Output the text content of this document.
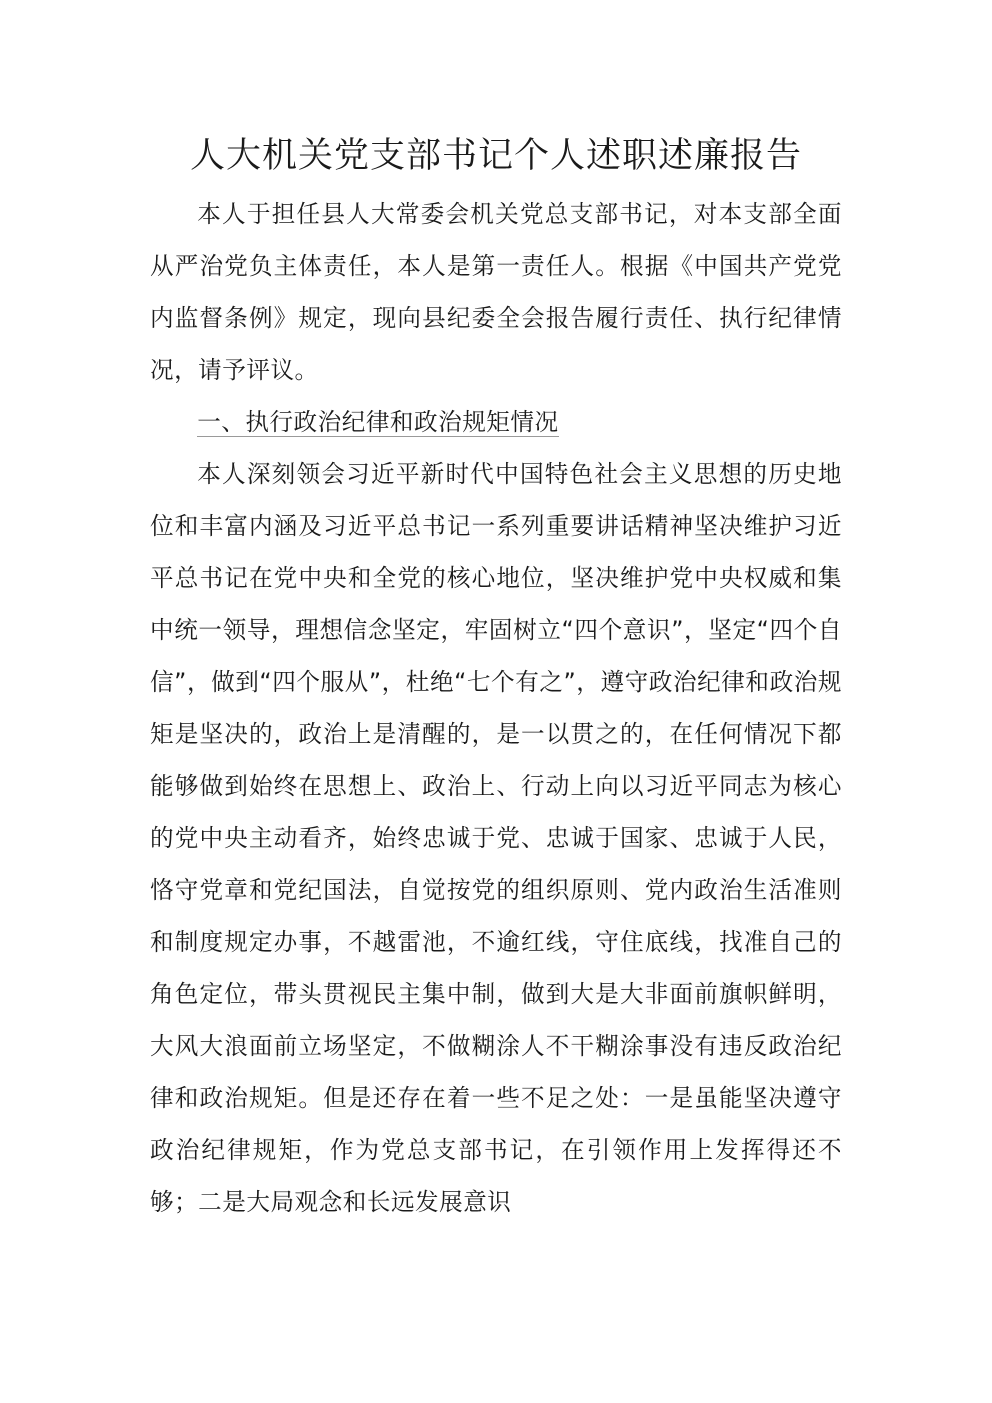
人大机关党支部书记个人述职述廉报告

本人于担任县人大常委会机关党总支部书记，对本支部全面从严治党负主体责任，本人是第一责任人。根据《中国共产党党内监督条例》规定，现向县纪委全会报告履行责任、执行纪律情况，请予评议。

一、执行政治纪律和政治规矩情况

本人深刻领会习近平新时代中国特色社会主义思想的历史地位和丰富内涵及习近平总书记一系列重要讲话精神坚决维护习近平总书记在党中央和全党的核心地位，坚决维护党中央权威和集中统一领导，理想信念坚定，牢固树立“四个意识”，坚定“四个自信”，做到“四个服从”，杜绝“七个有之”，遵守政治纪律和政治规矩是坚决的，政治上是清醒的，是一以贯之的，在任何情况下都能够做到始终在思想上、政治上、行动上向以习近平同志为核心的党中央主动看齐，始终忠诚于党、忠诚于国家、忠诚于人民，恪守党章和党纪国法，自觉按党的组织原则、党内政治生活准则和制度规定办事，不越雷池，不逾红线，守住底线，找准自己的角色定位，带头贯视民主集中制，做到大是大非面前旗帜鲜明，大风大浪面前立场坚定，不做糊涂人不干糊涂事没有违反政治纪律和政治规矩。但是还存在着一些不足之处：一是虽能坚决遵守政治纪律规矩，作为党总支部书记，在引领作用上发挥得还不够；二是大局观念和长远发展意识
